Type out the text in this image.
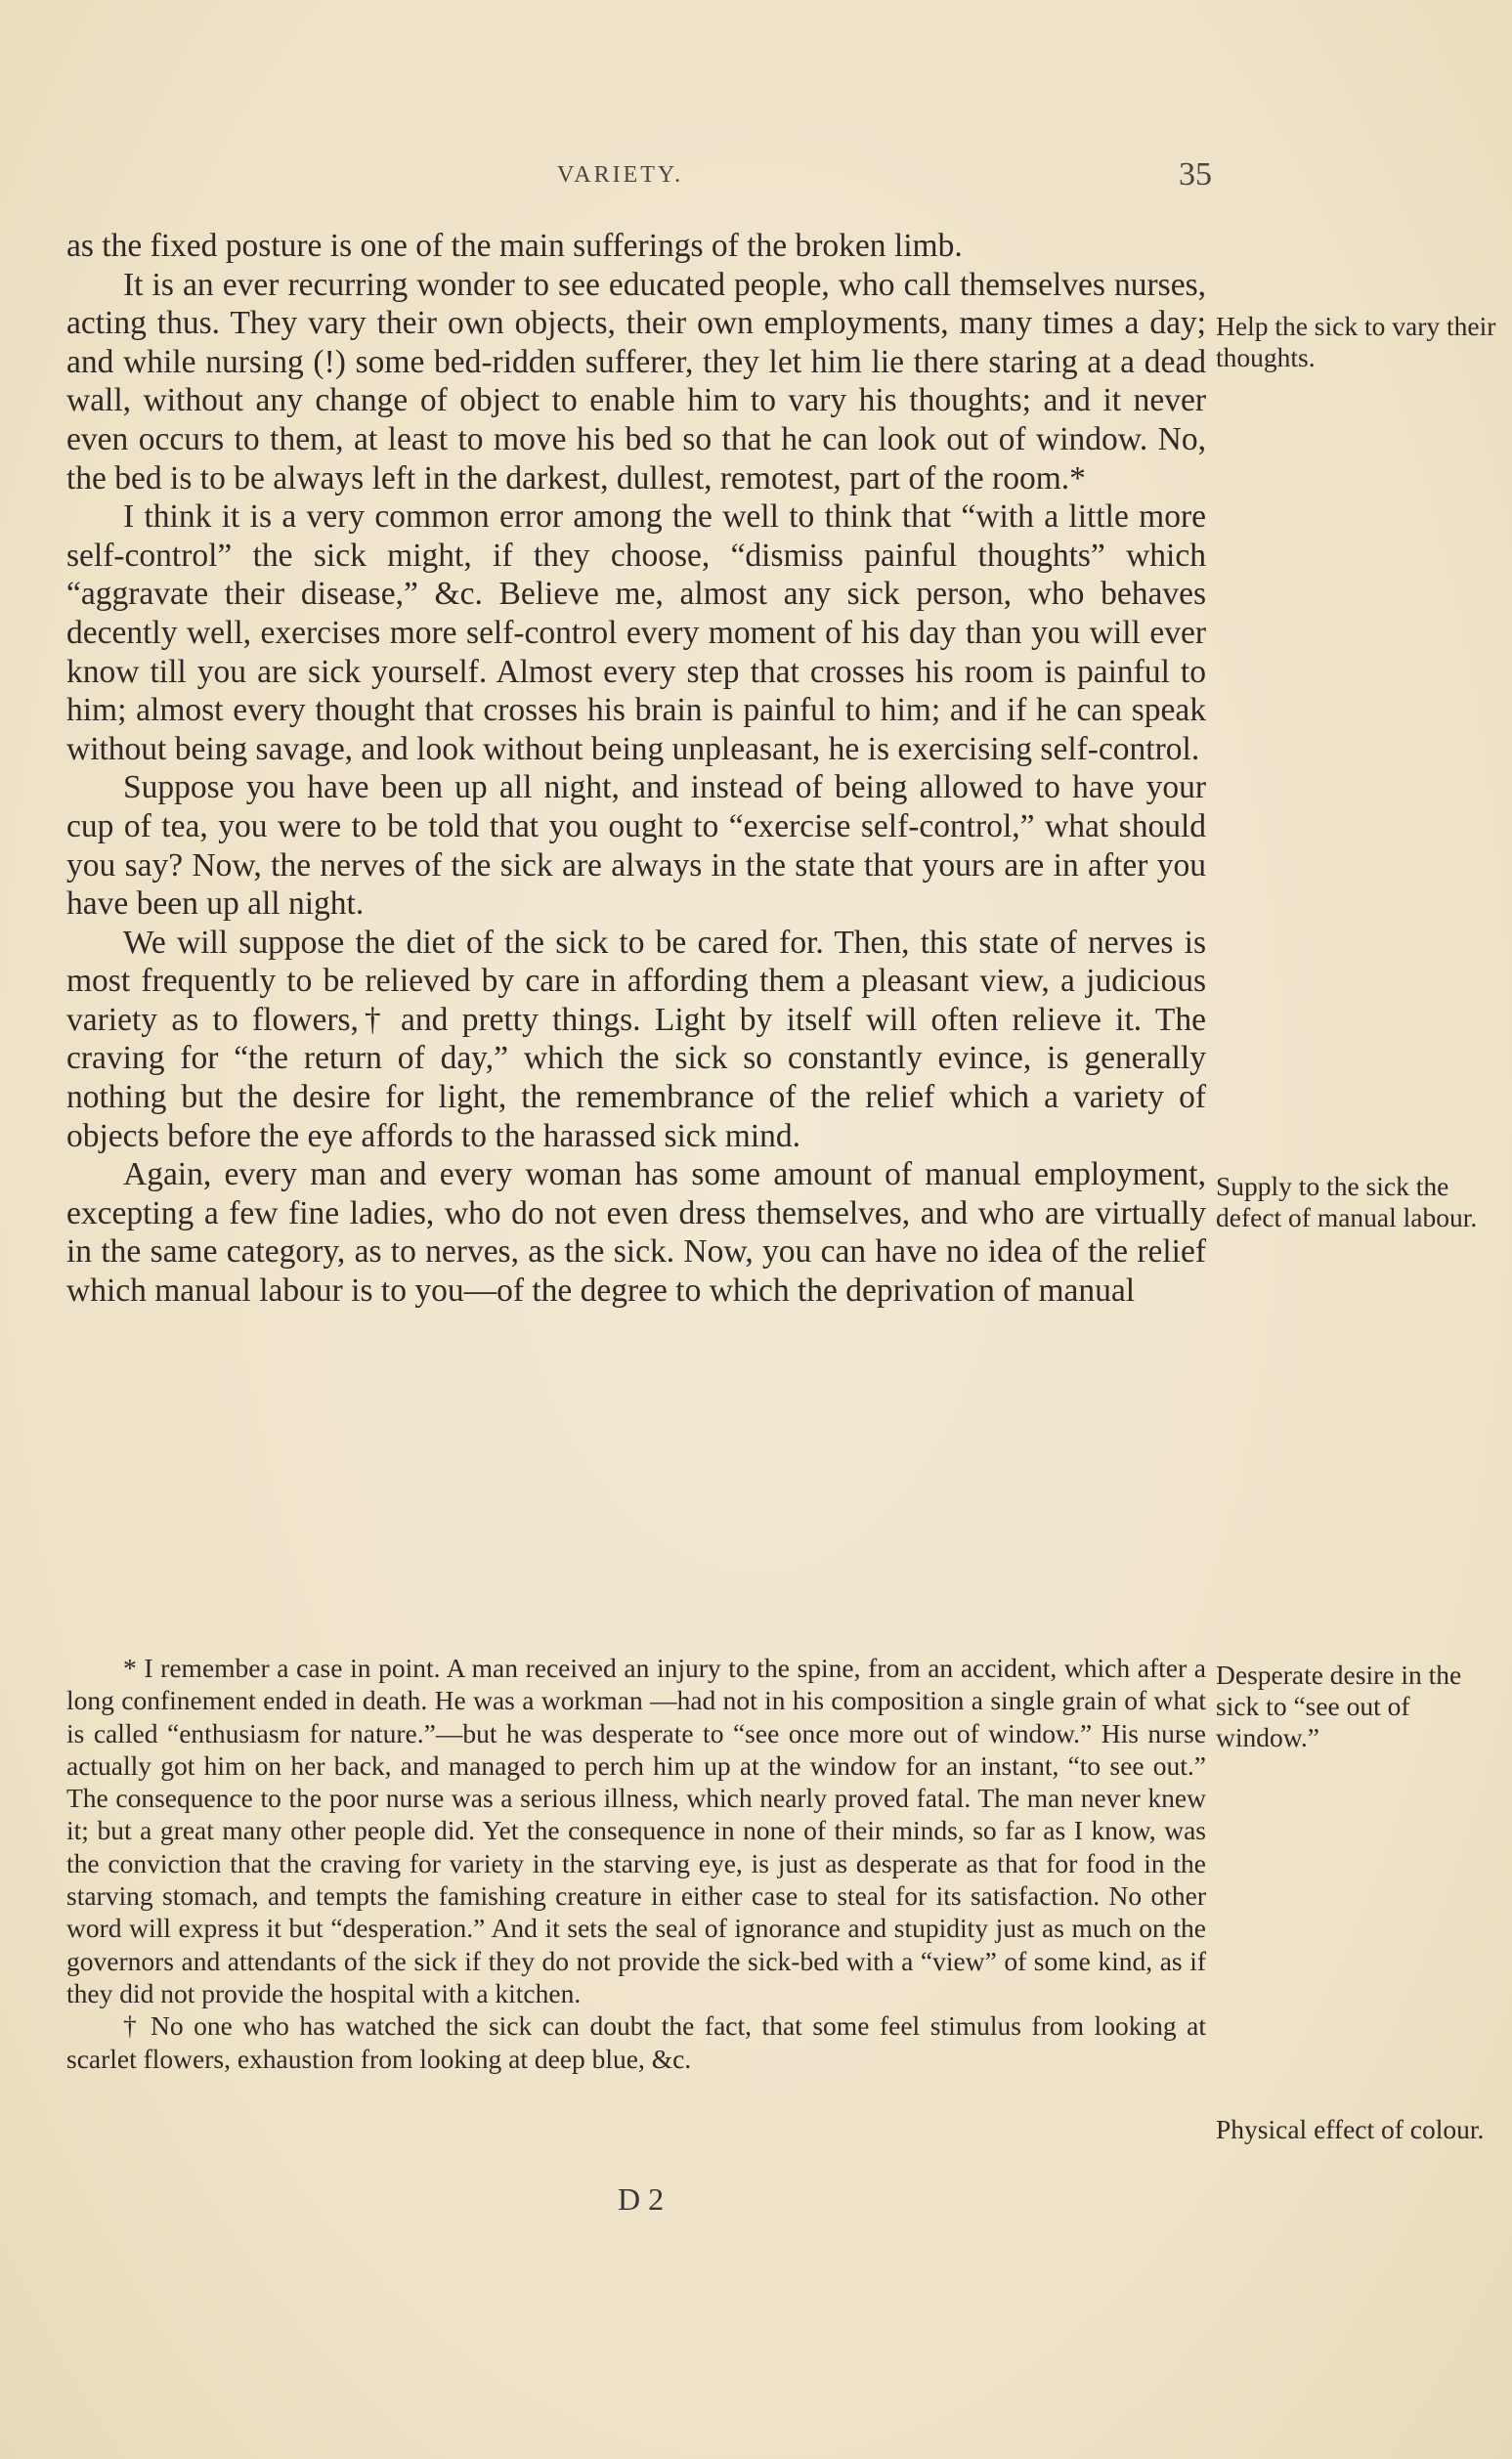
VARIETY.	35

as the fixed posture is one of the main sufferings of the broken limb.

It is an ever recurring wonder to see educated people, who call themselves nurses, acting thus. They vary their own objects, their own employments, many times a day; and while nursing (!) some bed-ridden sufferer, they let him lie there staring at a dead wall, without any change of object to enable him to vary his thoughts; and it never even occurs to them, at least to move his bed so that he can look out of window. No, the bed is to be always left in the darkest, dullest, remotest, part of the room.*

I think it is a very common error among the well to think that “with a little more self-control” the sick might, if they choose, “dismiss painful thoughts” which “aggravate their disease,” &c. Believe me, almost any sick person, who behaves decently well, exercises more self-control every moment of his day than you will ever know till you are sick yourself. Almost every step that crosses his room is painful to him; almost every thought that crosses his brain is painful to him; and if he can speak without being savage, and look without being unpleasant, he is exercising self-control.

Suppose you have been up all night, and instead of being allowed to have your cup of tea, you were to be told that you ought to “exercise self-control,” what should you say? Now, the nerves of the sick are always in the state that yours are in after you have been up all night.

We will suppose the diet of the sick to be cared for. Then, this state of nerves is most frequently to be relieved by care in affording them a pleasant view, a judicious variety as to flowers,† and pretty things. Light by itself will often relieve it. The craving for “the return of day,” which the sick so constantly evince, is generally nothing but the desire for light, the remembrance of the relief which a variety of objects before the eye affords to the harassed sick mind.

Again, every man and every woman has some amount of manual employment, excepting a few fine ladies, who do not even dress themselves, and who are virtually in the same category, as to nerves, as the sick. Now, you can have no idea of the relief which manual labour is to you—of the degree to which the deprivation of manual

* I remember a case in point. A man received an injury to the spine, from an accident, which after a long confinement ended in death. He was a workman —had not in his composition a single grain of what is called “enthusiasm for nature.”—but he was desperate to “see once more out of window.” His nurse actually got him on her back, and managed to perch him up at the window for an instant, “to see out.” The consequence to the poor nurse was a serious illness, which nearly proved fatal. The man never knew it; but a great many other people did. Yet the consequence in none of their minds, so far as I know, was the conviction that the craving for variety in the starving eye, is just as desperate as that for food in the starving stomach, and tempts the famishing creature in either case to steal for its satisfaction. No other word will express it but “desperation.” And it sets the seal of ignorance and stupidity just as much on the governors and attendants of the sick if they do not provide the sick-bed with a “view” of some kind, as if they did not provide the hospital with a kitchen.

† No one who has watched the sick can doubt the fact, that some feel stimulus from looking at scarlet flowers, exhaustion from looking at deep blue, &c.

Help the sick to vary their thoughts.

Supply to the sick the defect of manual labour.

Desperate desire in the sick to “see out of window.”

Physical effect of colour.

D 2
